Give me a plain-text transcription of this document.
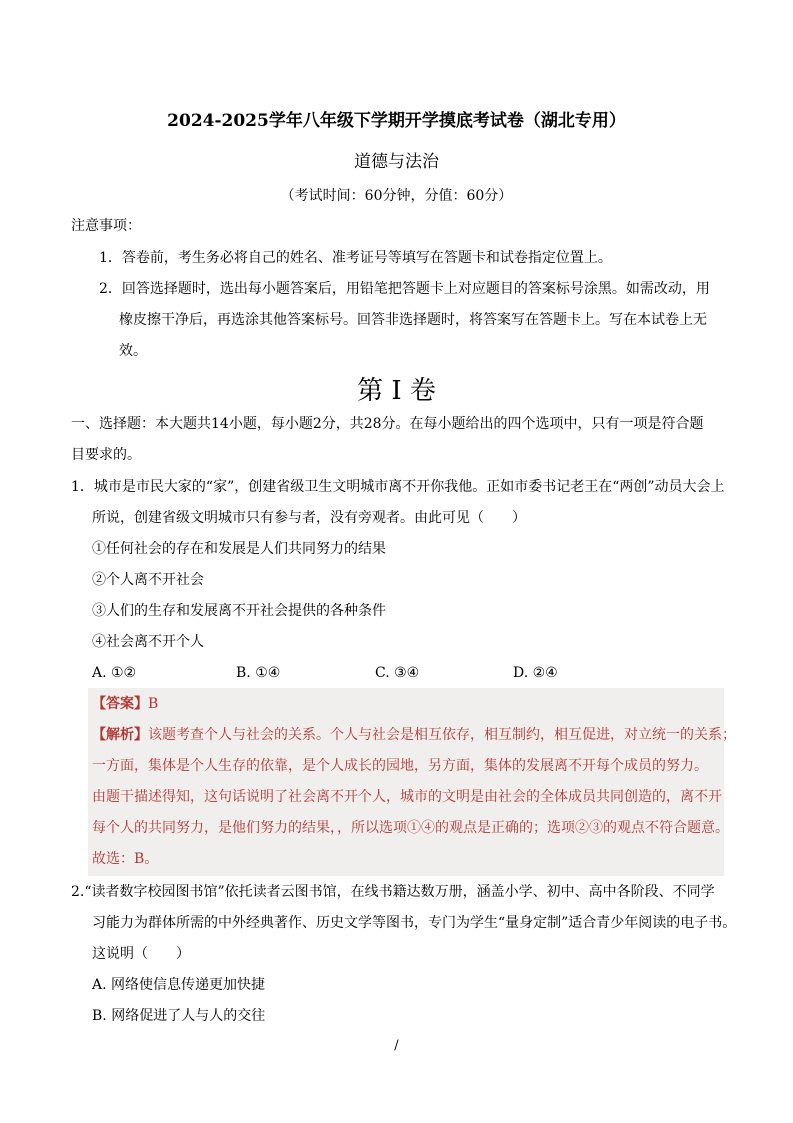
2024-2025学年八年级下学期开学摸底考试卷（湖北专用）
道德与法治
（考试时间：60分钟，分值：60分）
注意事项：
1．答卷前，考生务必将自己的姓名、准考证号等填写在答题卡和试卷指定位置上。
2．回答选择题时，选出每小题答案后，用铅笔把答题卡上对应题目的答案标号涂黑。如需改动，用
橡皮擦干净后，再选涂其他答案标号。回答非选择题时，将答案写在答题卡上。写在本试卷上无
效。
第 I 卷
一、选择题：本大题共14小题，每小题2分，共28分。在每小题给出的四个选项中，只有一项是符合题
目要求的。
1．城市是市民大家的“家”，创建省级卫生文明城市离不开你我他。正如市委书记老王在“两创”动员大会上
所说，创建省级文明城市只有参与者，没有旁观者。由此可见（　　）
①任何社会的存在和发展是人们共同努力的结果
②个人离不开社会
③人们的生存和发展离不开社会提供的各种条件
④社会离不开个人
A. ①②	B. ①④	C. ③④	D. ②④
【答案】B
【解析】该题考查个人与社会的关系。个人与社会是相互依存，相互制约，相互促进，对立统一的关系；
一方面，集体是个人生存的依靠，是个人成长的园地，另方面，集体的发展离不开每个成员的努力。
由题干描述得知，这句话说明了社会离不开个人，城市的文明是由社会的全体成员共同创造的，离不开
每个人的共同努力，是他们努力的结果，，所以选项①④的观点是正确的；选项②③的观点不符合题意。
故选：B。
2.“读者数字校园图书馆”依托读者云图书馆，在线书籍达数万册，涵盖小学、初中、高中各阶段、不同学
习能力为群体所需的中外经典著作、历史文学等图书，专门为学生“量身定制”适合青少年阅读的电子书。
这说明（　　）
A. 网络使信息传递更加快捷
B. 网络促进了人与人的交往
/
